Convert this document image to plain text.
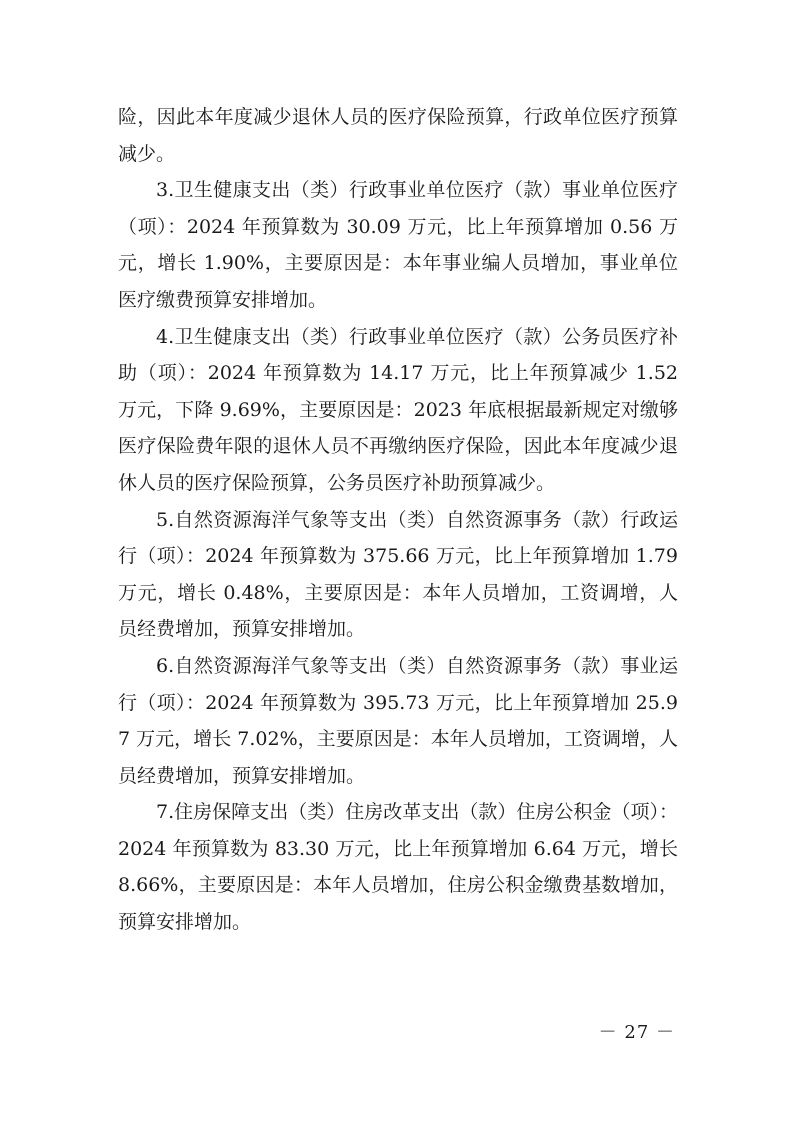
险，因此本年度减少退休人员的医疗保险预算，行政单位医疗预算减少。

3.卫生健康支出（类）行政事业单位医疗（款）事业单位医疗（项）：2024 年预算数为 30.09 万元，比上年预算增加 0.56 万元，增长 1.90%，主要原因是：本年事业编人员增加，事业单位医疗缴费预算安排增加。

4.卫生健康支出（类）行政事业单位医疗（款）公务员医疗补助（项）：2024 年预算数为 14.17 万元，比上年预算减少 1.52 万元，下降 9.69%，主要原因是：2023 年底根据最新规定对缴够医疗保险费年限的退休人员不再缴纳医疗保险，因此本年度减少退休人员的医疗保险预算，公务员医疗补助预算减少。

5.自然资源海洋气象等支出（类）自然资源事务（款）行政运行（项）：2024 年预算数为 375.66 万元，比上年预算增加 1.79 万元，增长 0.48%，主要原因是：本年人员增加，工资调增，人员经费增加，预算安排增加。

6.自然资源海洋气象等支出（类）自然资源事务（款）事业运行（项）：2024 年预算数为 395.73 万元，比上年预算增加 25.97 万元，增长 7.02%，主要原因是：本年人员增加，工资调增，人员经费增加，预算安排增加。

7.住房保障支出（类）住房改革支出（款）住房公积金（项）：2024 年预算数为 83.30 万元，比上年预算增加 6.64 万元，增长 8.66%，主要原因是：本年人员增加，住房公积金缴费基数增加，预算安排增加。

－ 27 －
